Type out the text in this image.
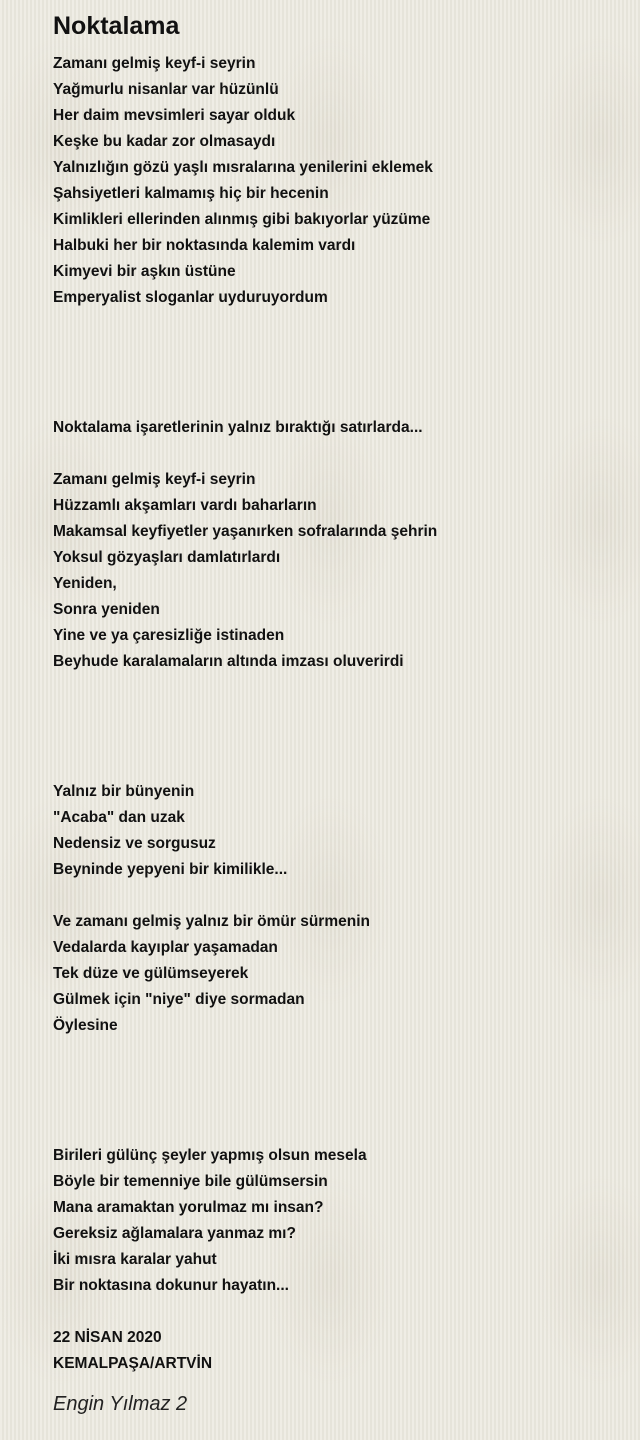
Noktalama
Zamanı gelmiş keyf-i seyrin
Yağmurlu nisanlar var hüzünlü
Her daim mevsimleri sayar olduk
Keşke bu kadar zor olmasaydı
Yalnızlığın gözü yaşlı mısralarına yenilerini eklemek
Şahsiyetleri kalmamış hiç bir hecenin
Kimlikleri ellerinden alınmış gibi bakıyorlar yüzüme
Halbuki her bir noktasında kalemim vardı
Kimyevi bir aşkın üstüne
Emperyalist sloganlar uyduruyordum
Noktalama işaretlerinin yalnız bıraktığı satırlarda...
Zamanı gelmiş keyf-i seyrin
Hüzzamlı akşamları vardı baharların
Makamsal keyfiyetler yaşanırken sofralarında şehrin
Yoksul gözyaşları damlatırlardı
Yeniden,
Sonra yeniden
Yine ve ya çaresizliğe istinaden
Beyhude karalamaların altında imzası oluverirdi
Yalnız bir bünyenin
"Acaba" dan uzak
Nedensiz ve sorgusuz
Beyninde yepyeni bir kimilikle...
Ve zamanı gelmiş yalnız bir ömür sürmenin
Vedalarda kayıplar yaşamadan
Tek düze ve gülümseyerek
Gülmek için "niye" diye sormadan
Öylesine
Birileri gülünç şeyler yapmış olsun mesela
Böyle bir temenniye bile gülümsersin
Mana aramaktan yorulmaz mı insan?
Gereksiz ağlamalara yanmaz mı?
İki mısra karalar yahut
Bir noktasına dokunur hayatın...
22 NİSAN 2020
KEMALPAŞA/ARTVİN
Engin Yılmaz 2
